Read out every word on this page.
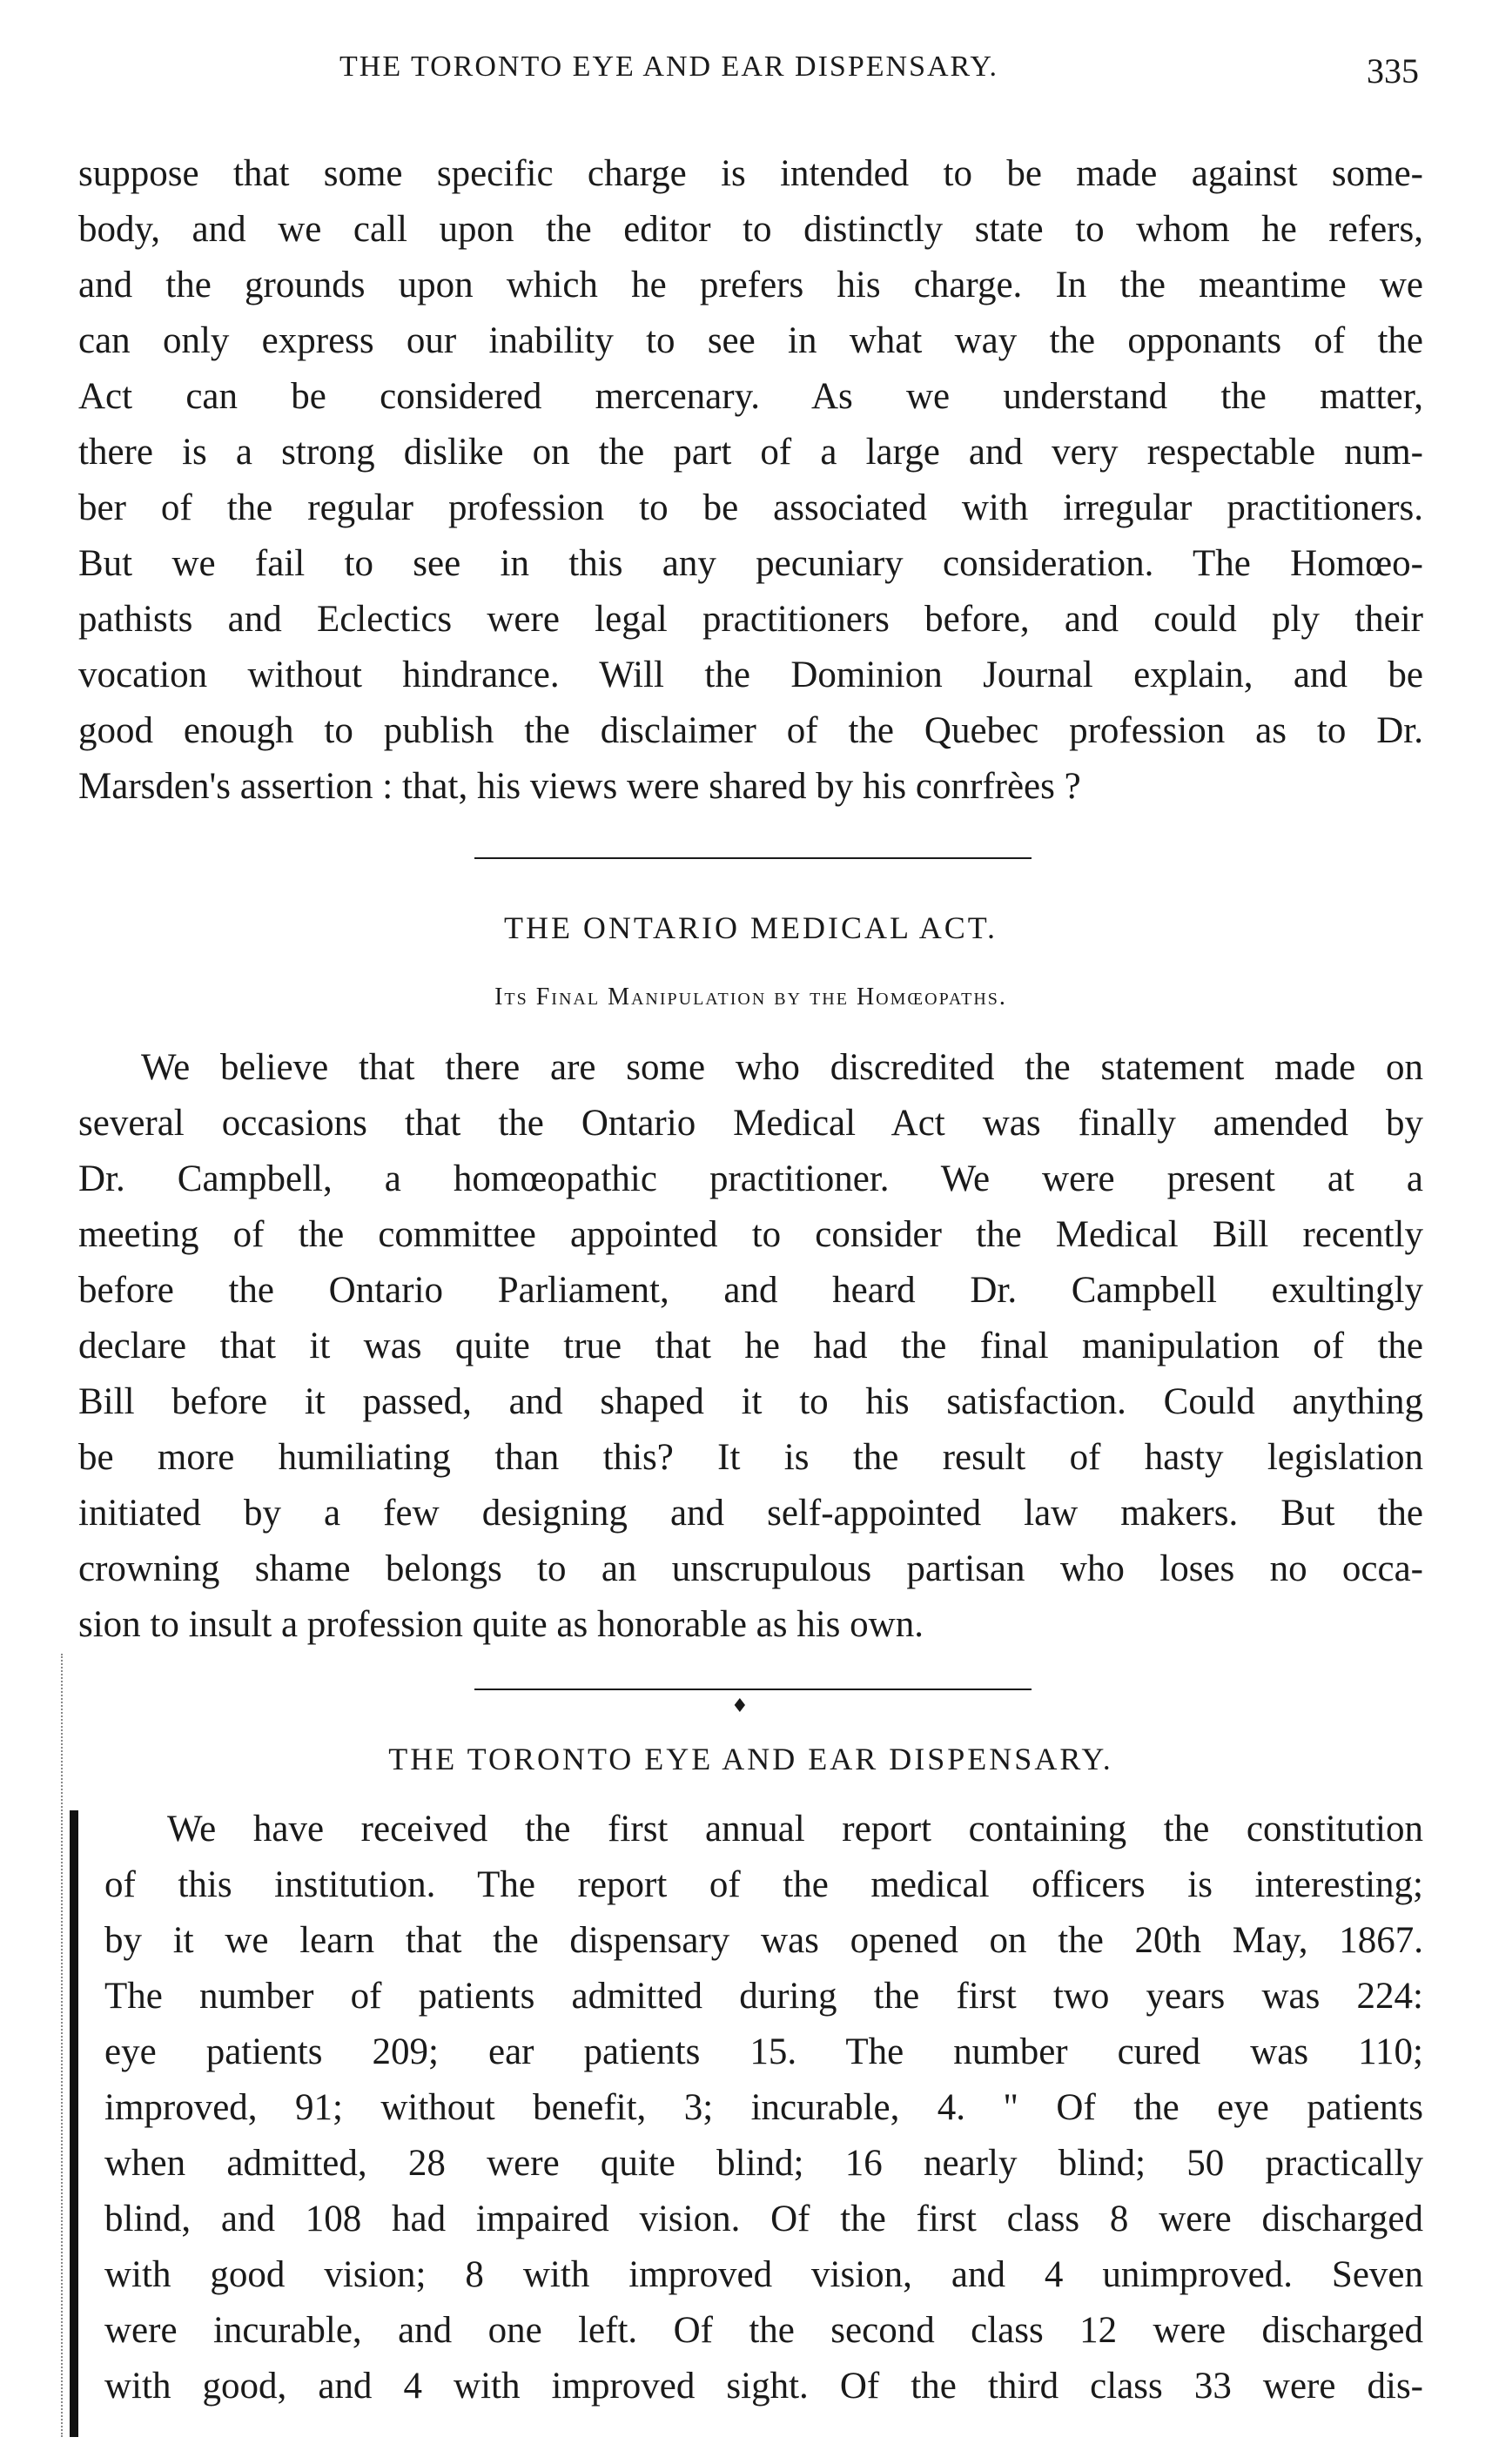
THE TORONTO EYE AND EAR DISPENSARY.	335
suppose that some specific charge is intended to be made against some-
body, and we call upon the editor to distinctly state to whom he refers,
and the grounds upon which he prefers his charge. In the meantime we
can only express our inability to see in what way the opponants of the
Act can be considered mercenary. As we understand the matter,
there is a strong dislike on the part of a large and very respectable num-
ber of the regular profession to be associated with irregular practitioners.
But we fail to see in this any pecuniary consideration. The Homœo-
pathists and Eclectics were legal practitioners before, and could ply their
vocation without hindrance. Will the Dominion Journal explain, and be
good enough to publish the disclaimer of the Quebec profession as to Dr.
Marsden's assertion : that, his views were shared by his conrfrèes ?
THE ONTARIO MEDICAL ACT.
Its Final Manipulation by the Homœopaths.
We believe that there are some who discredited the statement made on
several occasions that the Ontario Medical Act was finally amended by
Dr. Campbell, a homœopathic practitioner. We were present at a
meeting of the committee appointed to consider the Medical Bill recently
before the Ontario Parliament, and heard Dr. Campbell exultingly
declare that it was quite true that he had the final manipulation of the
Bill before it passed, and shaped it to his satisfaction. Could anything
be more humiliating than this? It is the result of hasty legislation
initiated by a few designing and self-appointed law makers. But the
crowning shame belongs to an unscrupulous partisan who loses no occa-
sion to insult a profession quite as honorable as his own.
♦
THE TORONTO EYE AND EAR DISPENSARY.
We have received the first annual report containing the constitution
of this institution. The report of the medical officers is interesting;
by it we learn that the dispensary was opened on the 20th May, 1867.
The number of patients admitted during the first two years was 224:
eye patients 209; ear patients 15. The number cured was 110;
improved, 91; without benefit, 3; incurable, 4. " Of the eye patients
when admitted, 28 were quite blind; 16 nearly blind; 50 practically
blind, and 108 had impaired vision. Of the first class 8 were discharged
with good vision; 8 with improved vision, and 4 unimproved. Seven
were incurable, and one left. Of the second class 12 were discharged
with good, and 4 with improved sight. Of the third class 33 were dis-
